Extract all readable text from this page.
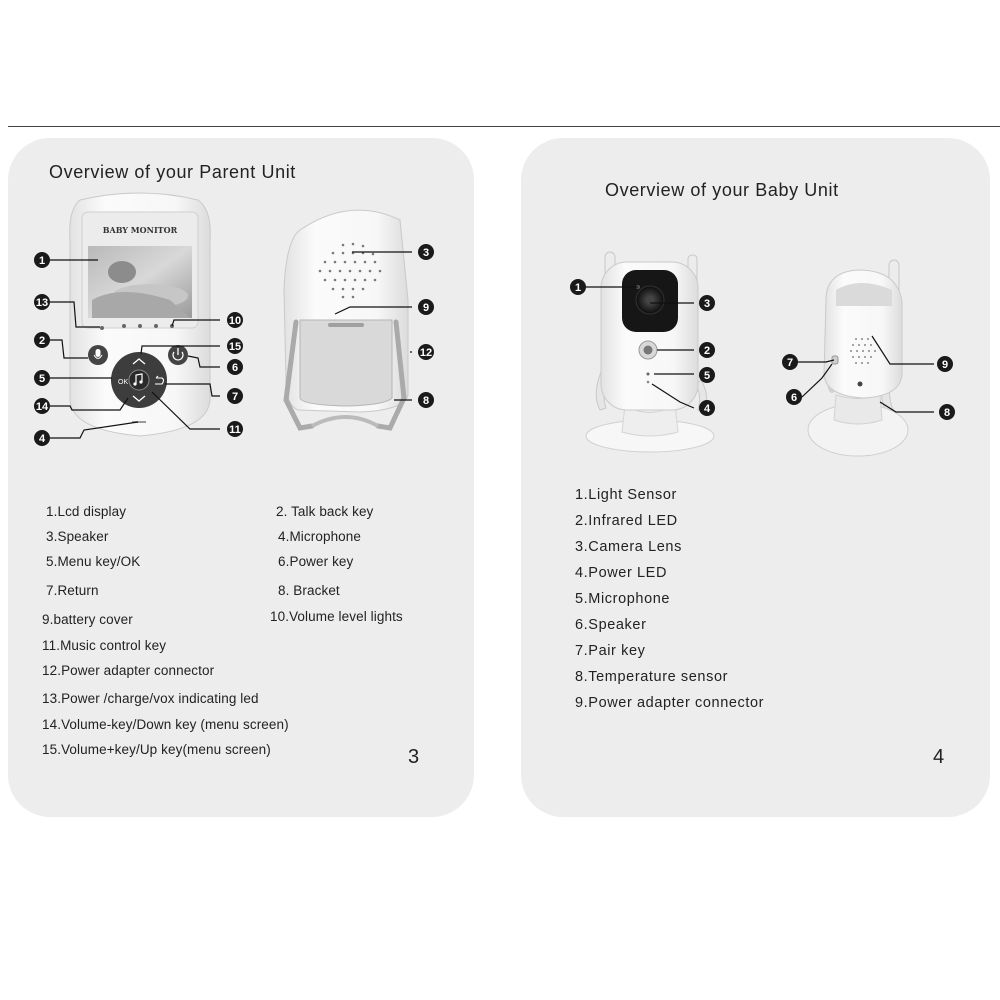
Overview of your Parent Unit
3
1.Lcd display	2. Talk back key
3.Speaker	4.Microphone
5.Menu key/OK	6.Power key
7.Return	8. Bracket
9.battery cover	10.Volume level lights
11.Music control key
12.Power adapter connector
13.Power /charge/vox indicating led
14.Volume-key/Down key (menu screen)
15.Volume+key/Up key(menu screen)
Overview of your Baby Unit
4
1.Light Sensor
2.Infrared LED
3.Camera Lens
4.Power LED
5.Microphone
6.Speaker
7.Pair key
8.Temperature sensor
9.Power adapter connector
BABY MONITOR
OK
1
13
2
5
14
4
10
15
6
7
11
3
9
12
8
1
3
2
5
4
7
6
9
8
